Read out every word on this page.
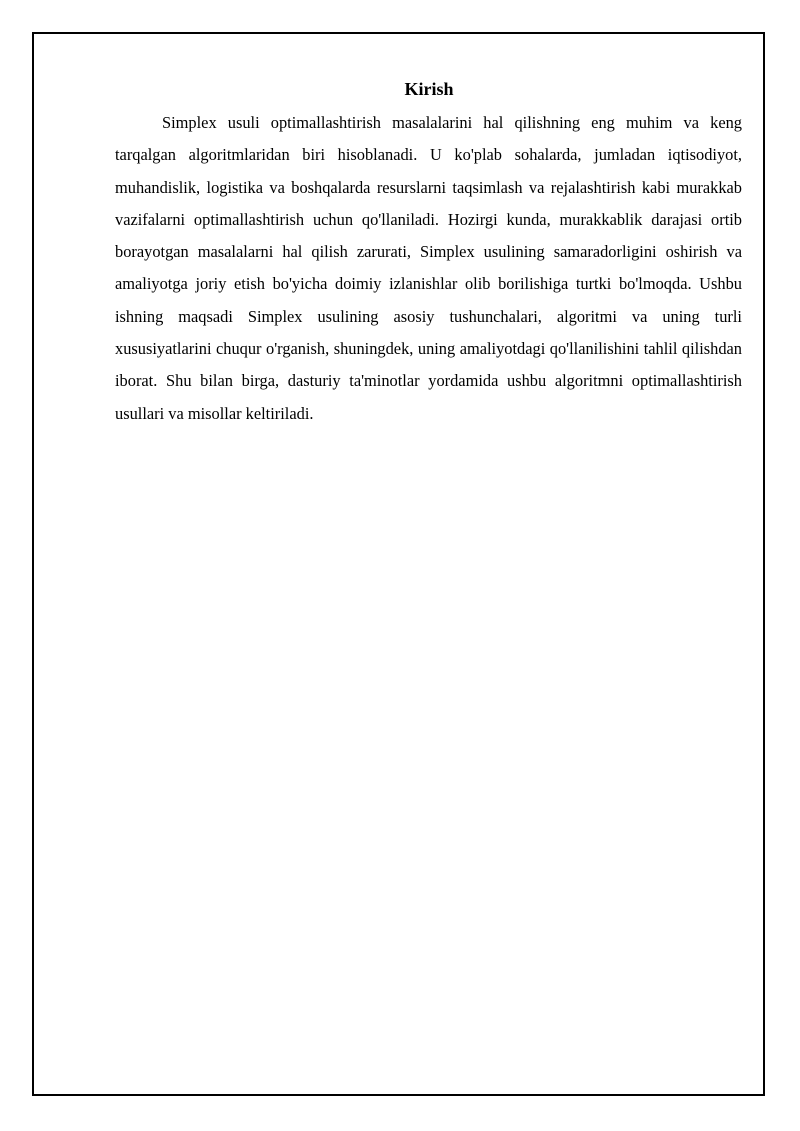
Kirish

Simplex usuli optimallashtirish masalalarini hal qilishning eng muhim va keng tarqalgan algoritmlaridan biri hisoblanadi. U ko'plab sohalarda, jumladan iqtisodiyot, muhandislik, logistika va boshqalarda resurslarni taqsimlash va rejalashtirish kabi murakkab vazifalarni optimallashtirish uchun qo'llaniladi. Hozirgi kunda, murakkablik darajasi ortib borayotgan masalalarni hal qilish zarurati, Simplex usulining samaradorligini oshirish va amaliyotga joriy etish bo'yicha doimiy izlanishlar olib borilishiga turtki bo'lmoqda. Ushbu ishning maqsadi Simplex usulining asosiy tushunchalari, algoritmi va uning turli xususiyatlarini chuqur o'rganish, shuningdek, uning amaliyotdagi qo'llanilishini tahlil qilishdan iborat. Shu bilan birga, dasturiy ta'minotlar yordamida ushbu algoritmni optimallashtirish usullari va misollar keltiriladi.
